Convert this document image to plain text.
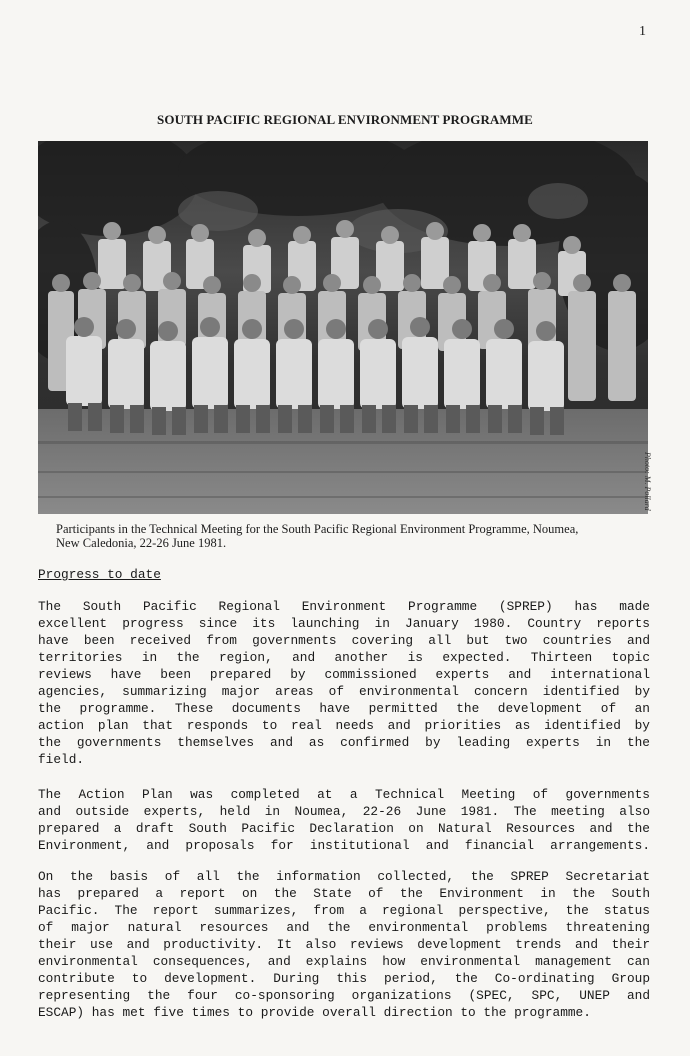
1
SOUTH PACIFIC REGIONAL ENVIRONMENT PROGRAMME
Photo: M. Pollard
Participants in the Technical Meeting for the South Pacific Regional Environment Programme, Noumea,
New Caledonia, 22-26 June 1981.
Progress to date
The South Pacific Regional Environment Programme (SPREP) has made
excellent progress since its launching in January 1980. Country reports
have been received from governments covering all but two countries and
territories in the region, and another is expected. Thirteen topic
reviews have been prepared by commissioned experts and international
agencies, summarizing major areas of environmental concern identified by
the programme. These documents have permitted the development of an
action plan that responds to real needs and priorities as identified by
the governments themselves and as confirmed by leading experts in the
field.
The Action Plan was completed at a Technical Meeting of governments
and outside experts, held in Noumea, 22-26 June 1981. The meeting also
prepared a draft South Pacific Declaration on Natural Resources and the
Environment, and proposals for institutional and financial arrangements.
On the basis of all the information collected, the SPREP Secretariat
has prepared a report on the State of the Environment in the South
Pacific. The report summarizes, from a regional perspective, the status
of major natural resources and the environmental problems threatening
their use and productivity. It also reviews development trends and their
environmental consequences, and explains how environmental management can
contribute to development. During this period, the Co-ordinating Group
representing the four co-sponsoring organizations (SPEC, SPC, UNEP and
ESCAP) has met five times to provide overall direction to the programme.
